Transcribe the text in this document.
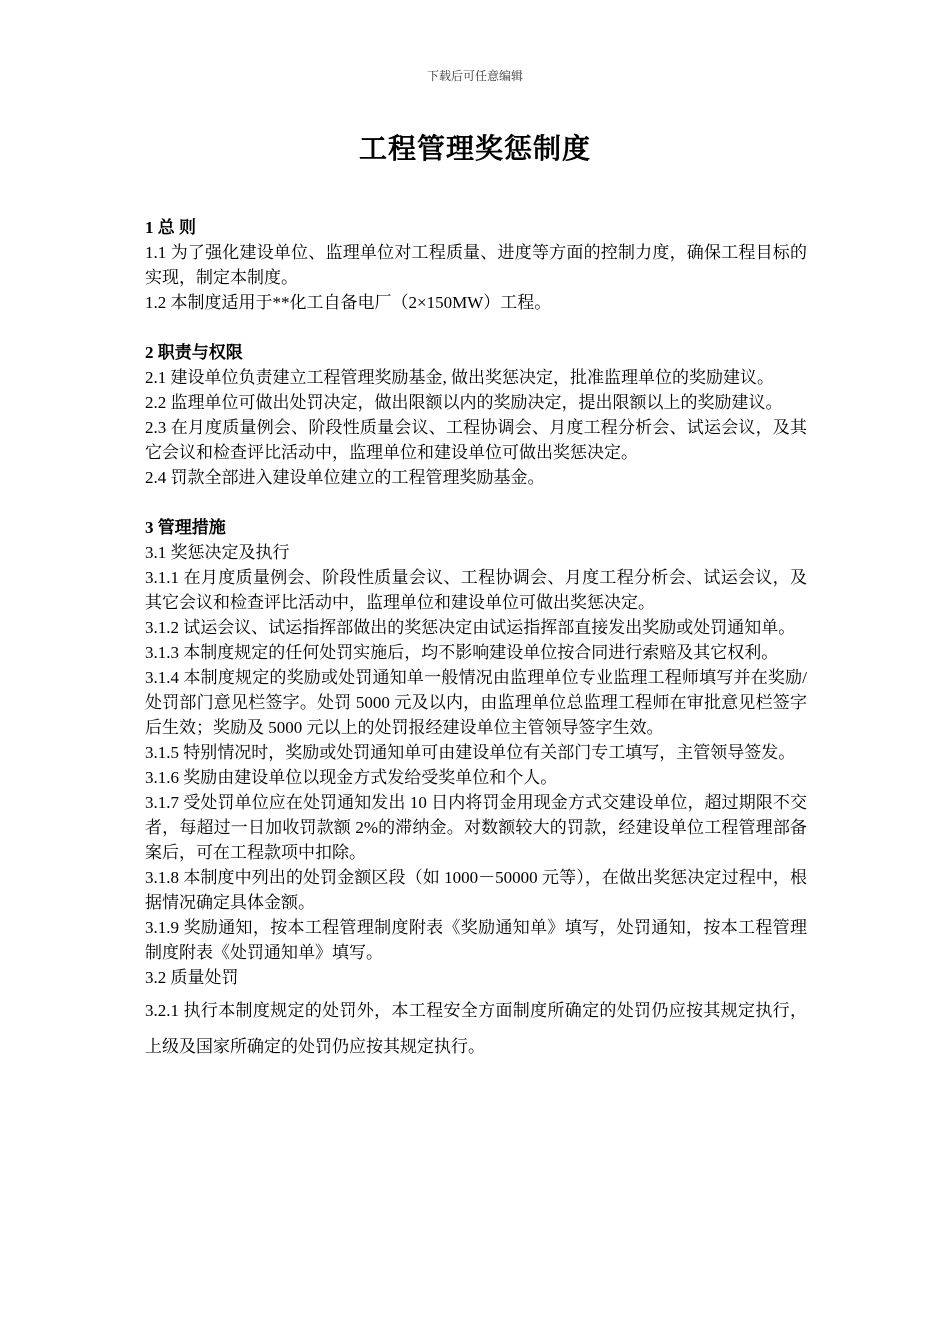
下载后可任意编辑
工程管理奖惩制度

1 总 则

1.1 为了强化建设单位、监理单位对工程质量、进度等方面的控制力度，确保工程目标的实现，制定本制度。

1.2 本制度适用于**化工自备电厂（2×150MW）工程。

2 职责与权限

2.1 建设单位负责建立工程管理奖励基金, 做出奖惩决定，批准监理单位的奖励建议。

2.2 监理单位可做出处罚决定，做出限额以内的奖励决定，提出限额以上的奖励建议。

2.3 在月度质量例会、阶段性质量会议、工程协调会、月度工程分析会、试运会议，及其它会议和检查评比活动中，监理单位和建设单位可做出奖惩决定。

2.4 罚款全部进入建设单位建立的工程管理奖励基金。

3 管理措施

3.1 奖惩决定及执行

3.1.1 在月度质量例会、阶段性质量会议、工程协调会、月度工程分析会、试运会议，及其它会议和检查评比活动中，监理单位和建设单位可做出奖惩决定。

3.1.2 试运会议、试运指挥部做出的奖惩决定由试运指挥部直接发出奖励或处罚通知单。

3.1.3 本制度规定的任何处罚实施后，均不影响建设单位按合同进行索赔及其它权利。

3.1.4 本制度规定的奖励或处罚通知单一般情况由监理单位专业监理工程师填写并在奖励/处罚部门意见栏签字。处罚 5000 元及以内，由监理单位总监理工程师在审批意见栏签字后生效；奖励及 5000 元以上的处罚报经建设单位主管领导签字生效。

3.1.5 特别情况时，奖励或处罚通知单可由建设单位有关部门专工填写，主管领导签发。

3.1.6 奖励由建设单位以现金方式发给受奖单位和个人。

3.1.7 受处罚单位应在处罚通知发出 10 日内将罚金用现金方式交建设单位，超过期限不交者，每超过一日加收罚款额 2%的滞纳金。对数额较大的罚款，经建设单位工程管理部备案后，可在工程款项中扣除。

3.1.8 本制度中列出的处罚金额区段（如 1000－50000 元等），在做出奖惩决定过程中，根据情况确定具体金额。

3.1.9 奖励通知，按本工程管理制度附表《奖励通知单》填写，处罚通知，按本工程管理制度附表《处罚通知单》填写。

3.2 质量处罚

3.2.1 执行本制度规定的处罚外，本工程安全方面制度所确定的处罚仍应按其规定执行，上级及国家所确定的处罚仍应按其规定执行。
